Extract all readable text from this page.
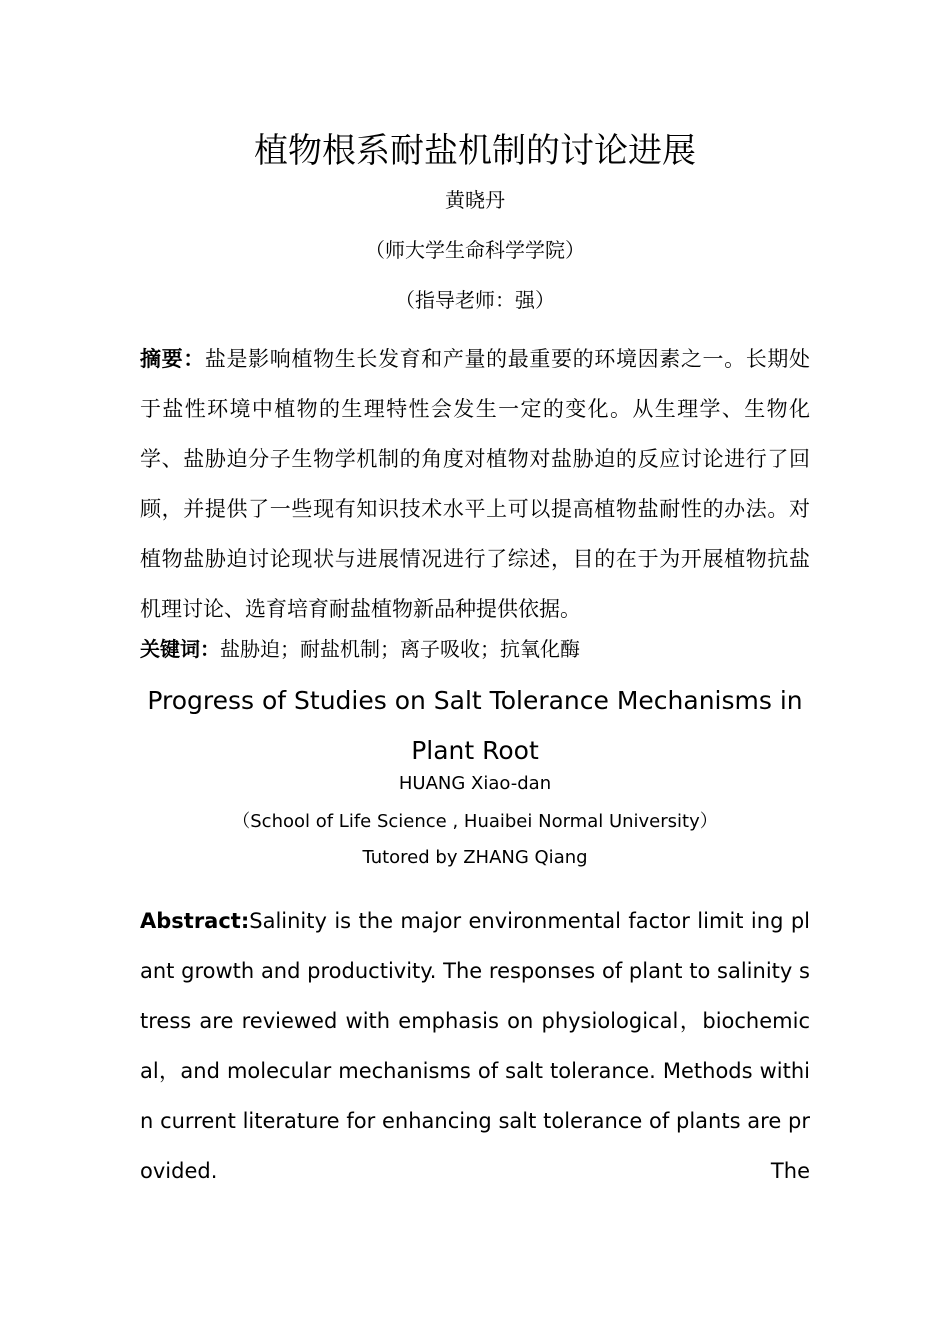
植物根系耐盐机制的讨论进展
黄晓丹
（师大学生命科学学院）
（指导老师：强）
摘要：盐是影响植物生长发育和产量的最重要的环境因素之一。长期处于盐性环境中植物的生理特性会发生一定的变化。从生理学、生物化学、盐胁迫分子生物学机制的角度对植物对盐胁迫的反应讨论进行了回顾，并提供了一些现有知识技术水平上可以提高植物盐耐性的办法。对植物盐胁迫讨论现状与进展情况进行了综述，目的在于为开展植物抗盐机理讨论、选育培育耐盐植物新品种提供依据。
关键词：盐胁迫；耐盐机制；离子吸收；抗氧化酶
Progress of Studies on Salt Tolerance Mechanisms in Plant Root
HUANG Xiao-dan
（School of Life Science , Huaibei Normal University）
Tutored by ZHANG Qiang
Abstract:Salinity is the major environmental factor limit ing plant growth and productivity. The responses of plant to salinity stress are reviewed with emphasis on physiological，biochemical，and molecular mechanisms of salt tolerance. Methods within current literature for enhancing salt tolerance of plants are provided. The
